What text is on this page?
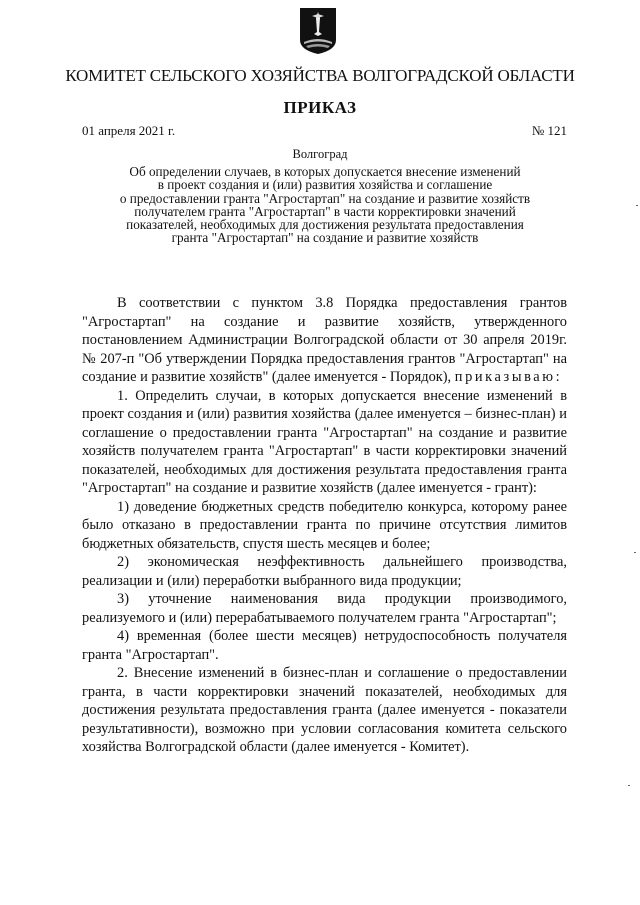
КОМИТЕТ СЕЛЬСКОГО ХОЗЯЙСТВА ВОЛГОГРАДСКОЙ ОБЛАСТИ
ПРИКАЗ
01 апреля 2021 г.	№ 121
Волгоград
Об определении случаев, в которых допускается внесение изменений
в проект создания и (или) развития хозяйства и соглашение
о предоставлении гранта "Агростартап" на создание и развитие хозяйств
получателем гранта "Агростартап" в части корректировки значений
показателей, необходимых для достижения результата предоставления
гранта "Агростартап" на создание и развитие хозяйств

В соответствии с пунктом 3.8 Порядка предоставления грантов "Агростартап" на создание и развитие хозяйств, утвержденного постановлением Администрации Волгоградской области от 30 апреля 2019г. № 207-п "Об утверждении Порядка предоставления грантов "Агростартап" на создание и развитие хозяйств" (далее именуется - Порядок), приказываю:

1. Определить случаи, в которых допускается внесение изменений в проект создания и (или) развития хозяйства (далее именуется – бизнес-план) и соглашение о предоставлении гранта "Агростартап" на создание и развитие хозяйств получателем гранта "Агростартап" в части корректировки значений показателей, необходимых для достижения результата предоставления гранта "Агростартап" на создание и развитие хозяйств (далее именуется - грант):

1) доведение бюджетных средств победителю конкурса, которому ранее было отказано в предоставлении гранта по причине отсутствия лимитов бюджетных обязательств, спустя шесть месяцев и более;

2) экономическая неэффективность дальнейшего производства, реализации и (или) переработки выбранного вида продукции;

3) уточнение наименования вида продукции производимого, реализуемого и (или) перерабатываемого получателем гранта "Агростартап";

4) временная (более шести месяцев) нетрудоспособность получателя гранта "Агростартап".

2. Внесение изменений в бизнес-план и соглашение о предоставлении гранта, в части корректировки значений показателей, необходимых для достижения результата предоставления гранта (далее именуется - показатели результативности), возможно при условии согласования комитета сельского хозяйства Волгоградской области (далее именуется - Комитет).
